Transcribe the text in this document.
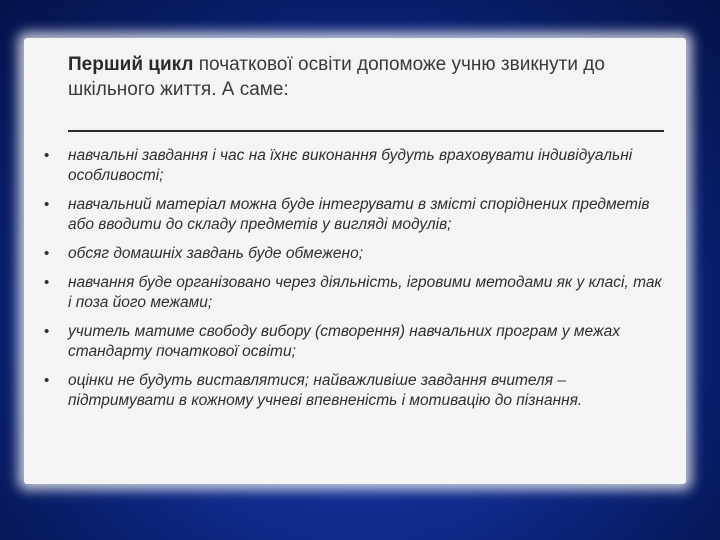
Перший цикл початкової освіти допоможе учню звикнути до шкільного життя. А саме:

• навчальні завдання і час на їхнє виконання будуть враховувати індивідуальні особливості;
• навчальний матеріал можна буде інтегрувати в змісті споріднених предметів або вводити до складу предметів у вигляді модулів;
• обсяг домашніх завдань буде обмежено;
• навчання буде організовано через діяльність, ігровими методами як у класі, так і поза його межами;
• учитель матиме свободу вибору (створення) навчальних програм у межах стандарту початкової освіти;
• оцінки не будуть виставлятися; найважливіше завдання вчителя – підтримувати в кожному учневі впевненість і мотивацію до пізнання.
